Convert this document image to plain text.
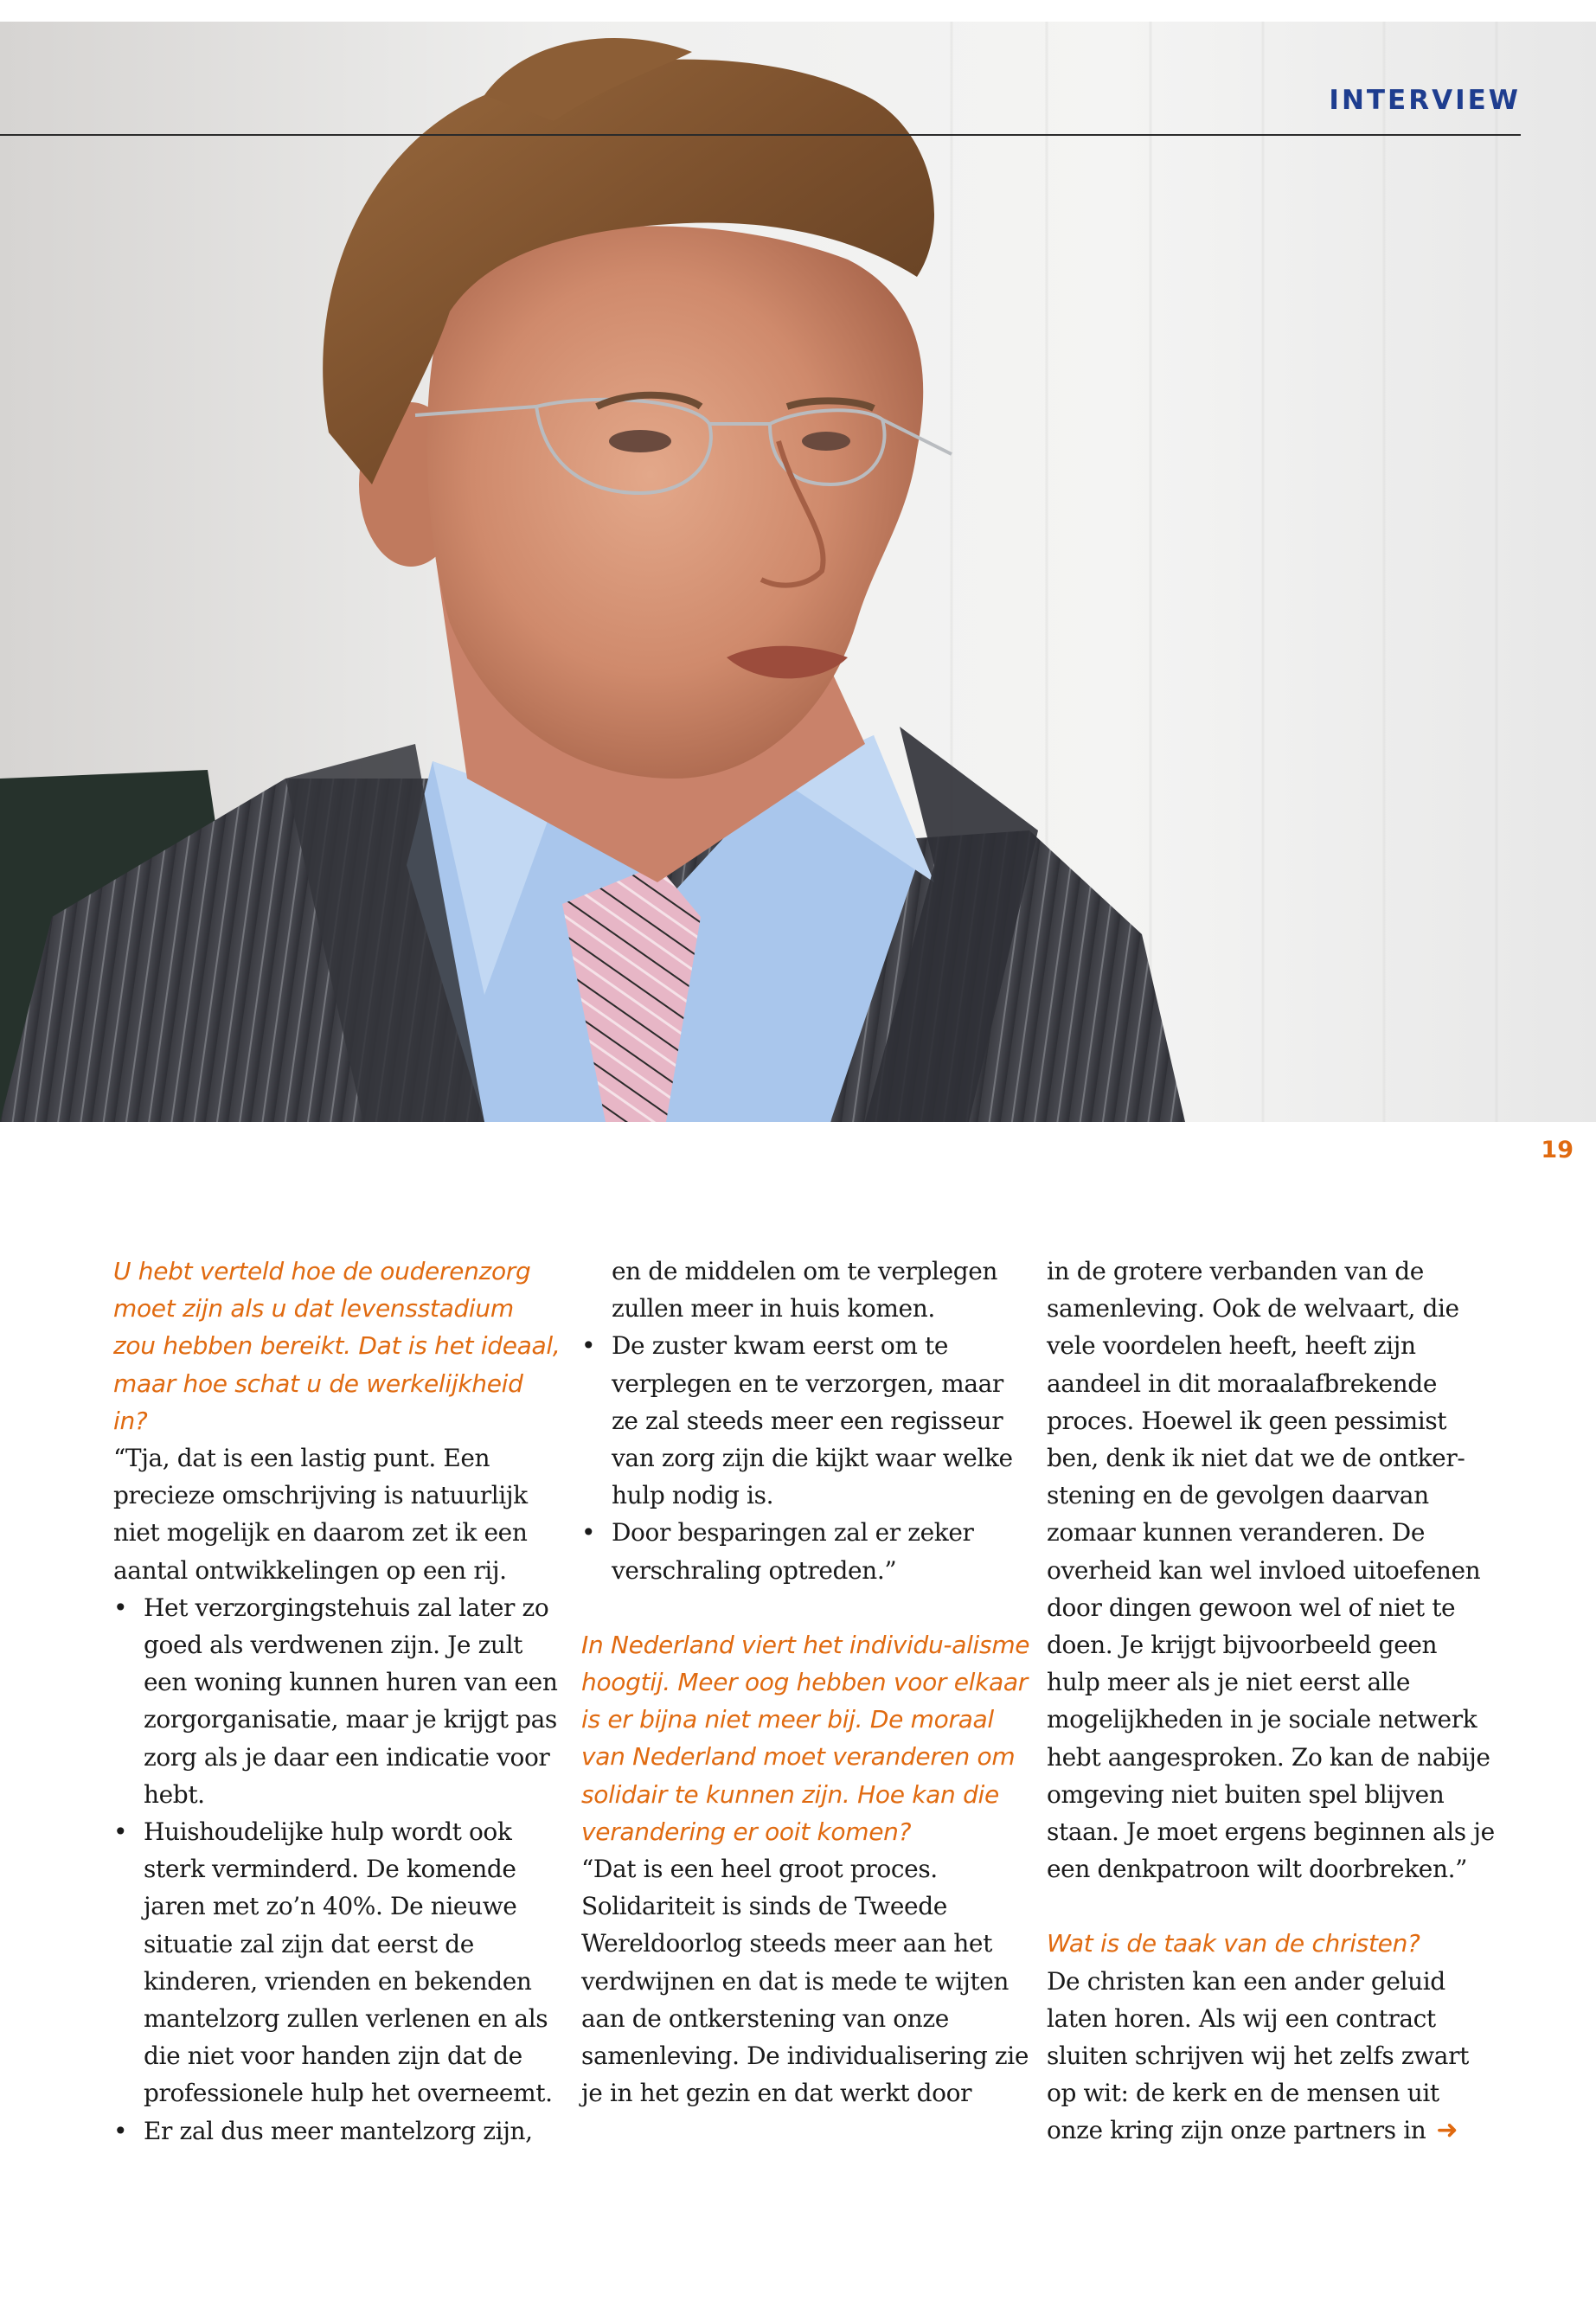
INTERVIEW
19

U hebt verteld hoe de ouderenzorg moet zijn als u dat levensstadium zou hebben bereikt. Dat is het ideaal, maar hoe schat u de werkelijkheid in?

“Tja, dat is een lastig punt. Een precieze omschrijving is natuurlijk niet mogelijk en daarom zet ik een aantal ontwikkelingen op een rij.

• Het verzorgingstehuis zal later zo goed als verdwenen zijn. Je zult een woning kunnen huren van een zorgorganisatie, maar je krijgt pas zorg als je daar een indicatie voor hebt.
• Huishoudelijke hulp wordt ook sterk verminderd. De komende jaren met zo’n 40%. De nieuwe situatie zal zijn dat eerst de kinderen, vrienden en bekenden mantelzorg zullen verlenen en als die niet voor handen zijn dat de professionele hulp het overneemt.
• Er zal dus meer mantelzorg zijn,
en de middelen om te verplegen zullen meer in huis komen.
• De zuster kwam eerst om te verplegen en te verzorgen, maar ze zal steeds meer een regisseur van zorg zijn die kijkt waar welke hulp nodig is.
• Door besparingen zal er zeker verschraling optreden.”

In Nederland viert het individu-alisme hoogtij. Meer oog hebben voor elkaar is er bijna niet meer bij. De moraal van Nederland moet veranderen om solidair te kunnen zijn. Hoe kan die verandering er ooit komen?

“Dat is een heel groot proces. Solidariteit is sinds de Tweede Wereldoorlog steeds meer aan het verdwijnen en dat is mede te wijten aan de ontkerstening van onze samenleving. De individualisering zie je in het gezin en dat werkt door

in de grotere verbanden van de samenleving. Ook de welvaart, die vele voordelen heeft, heeft zijn aandeel in dit moraalafbrekende proces. Hoewel ik geen pessimist ben, denk ik niet dat we de ontker-stening en de gevolgen daarvan zomaar kunnen veranderen. De overheid kan wel invloed uitoefenen door dingen gewoon wel of niet te doen. Je krijgt bijvoorbeeld geen hulp meer als je niet eerst alle mogelijkheden in je sociale netwerk hebt aangesproken. Zo kan de nabije omgeving niet buiten spel blijven staan. Je moet ergens beginnen als je een denkpatroon wilt doorbreken.”

Wat is de taak van de christen?

De christen kan een ander geluid laten horen. Als wij een contract sluiten schrijven wij het zelfs zwart op wit: de kerk en de mensen uit onze kring zijn onze partners in ➜
